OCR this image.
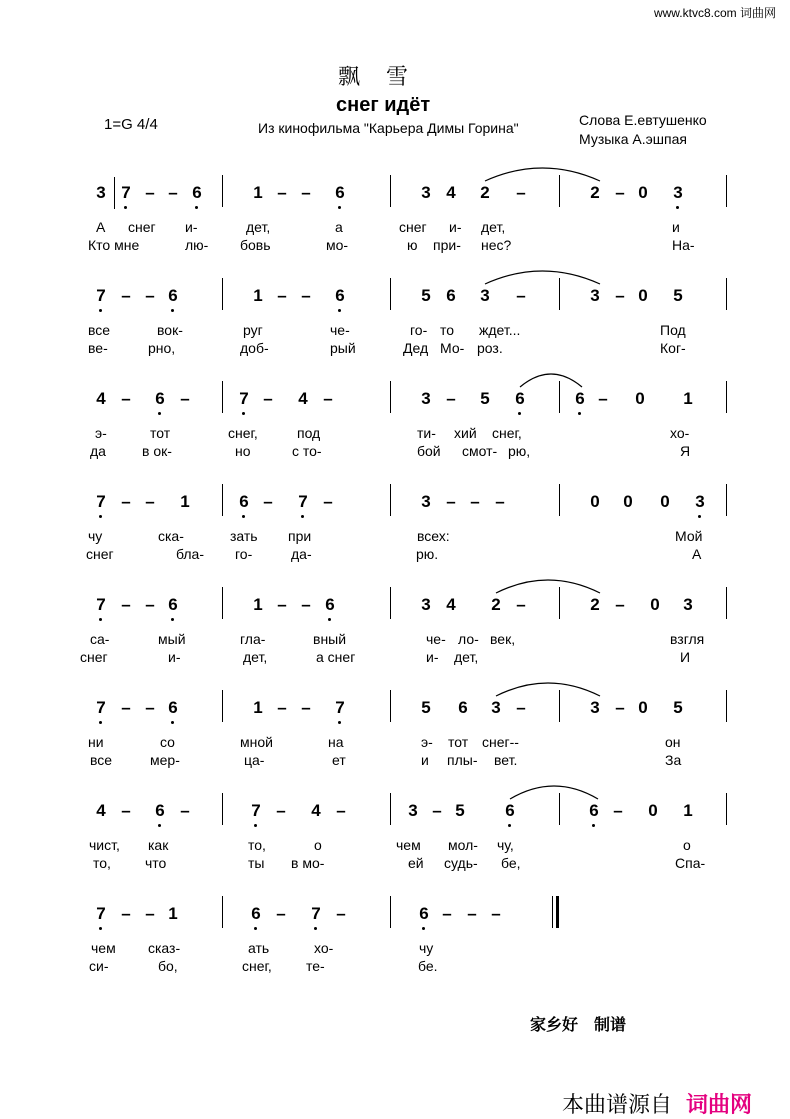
www.ktvc8.com 词曲网
飘　雪
снег идёт
1=G 4/4	Из кинофильма "Карьера Димы Горина"	Слова Е.евтушенко
Музыка А.эшпая
3 7 – – 6	1 – – 6	3 4 2 –	2 – 0 3
А снег и-	дет,	а	снег и- дет,	и
Кто мне	лю- бовь	мо-	ю при- нес?	На-
7 – – 6	1 – – 6	5 6 3 –	3 – 0 5
все	вок-	руг	че-	го- то ждет...	Под
ве-	рно,	доб-	рый	Дед Мо- роз.	Ког-
4 – 6 –	7 – 4 –	3 – 5 6	6 – 0 1
э-	тот	снег,	под	ти- хий снег,	хо-
да	в ок-	но	с то-	бой смот- рю,	Я
7 – – 1	6 – 7 –	3 – – –	0 0 0 3
чу	ска-	зать при	всех:	Мой
снег	бла- го-	да-	рю.	А
7 – – 6	1 – – 6	3 4 2 –	2 – 0 3
са-	мый	гла-	вный	че- ло- век,	взгля
снег	и-	дет,	а снег	и- дет,	И
7 – – 6	1 – – 7	5 6 3 –	3 – 0 5
ни	со	мной	на	э- тот снег--	он
все	мер-	ца-	ет	и плы- вет.	За
4 – 6 –	7 – 4 –	3 – 5 6	6 – 0 1
чист, как	то,	о	чем мол- чу,	о
то, что	ты в мо-	ей судь- бе,	Спа-
7 – – 1	6 – 7 –	6 – – –
чем сказ-	ать	хо-	чу
си-	бо,	снег, те-	бе.
家乡好　制谱
本曲谱源自 词曲网
